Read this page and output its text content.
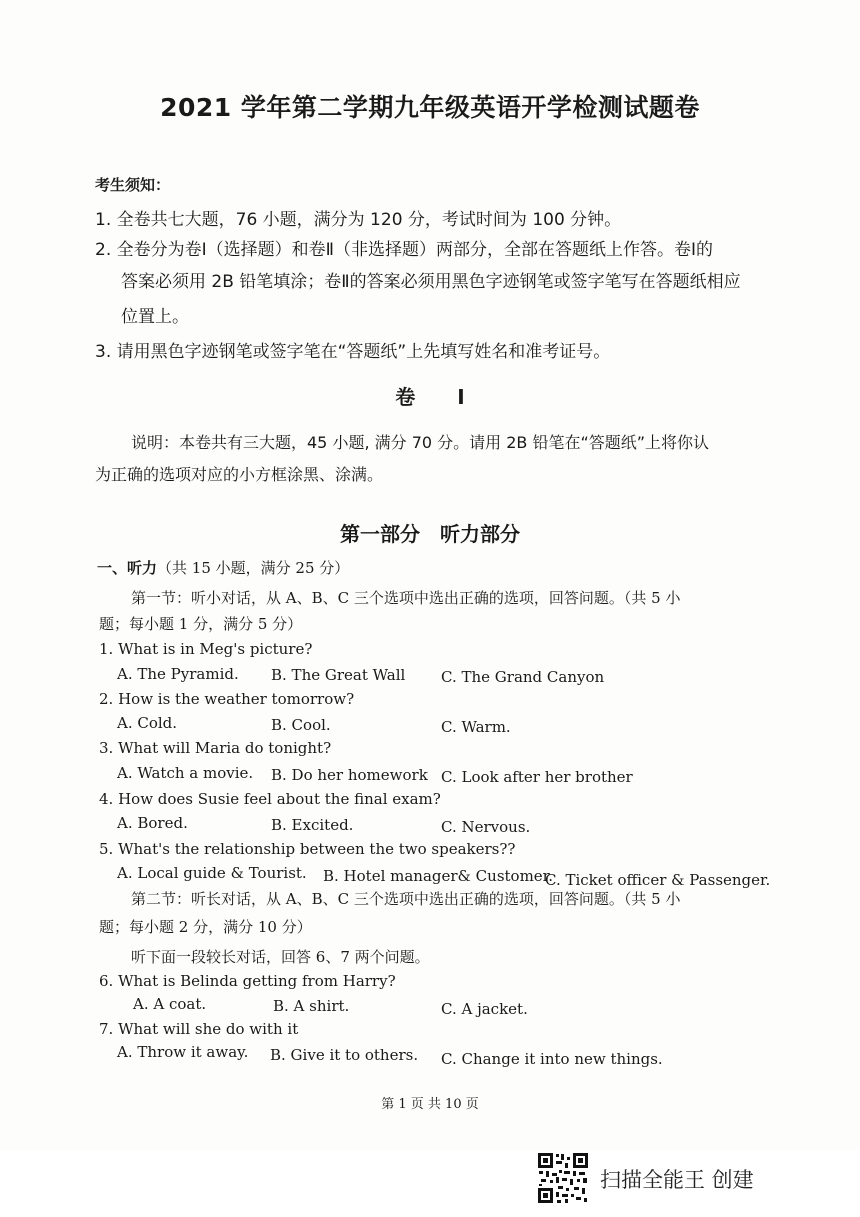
2021 学年第二学期九年级英语开学检测试题卷
考生须知：
1. 全卷共七大题，76 小题，满分为 120 分，考试时间为 100 分钟。
2. 全卷分为卷Ⅰ（选择题）和卷Ⅱ（非选择题）两部分，全部在答题纸上作答。卷Ⅰ的
答案必须用 2B 铅笔填涂；卷Ⅱ的答案必须用黑色字迹钢笔或签字笔写在答题纸相应
位置上。
3. 请用黑色字迹钢笔或签字笔在“答题纸”上先填写姓名和准考证号。
卷 Ⅰ
说明：本卷共有三大题，45 小题, 满分 70 分。请用 2B 铅笔在“答题纸”上将你认
为正确的选项对应的小方框涂黑、涂满。
第一部分 听力部分
一、听力（共 15 小题，满分 25 分）
第一节：听小对话，从 A、B、C 三个选项中选出正确的选项，回答问题。（共 5 小
题；每小题 1 分，满分 5 分）
1. What is in Meg's picture?
A. The Pyramid. B. The Great Wall C. The Grand Canyon
2. How is the weather tomorrow?
A. Cold.	B. Cool.	C. Warm.
3. What will Maria do tonight?
A. Watch a movie. B. Do her homework C. Look after her brother
4. How does Susie feel about the final exam?
A. Bored.	B. Excited.	C. Nervous.
5. What's the relationship between the two speakers??
A. Local guide & Tourist. B. Hotel manager& Customer.
C. Ticket officer & Passenger.
第二节：听长对话，从 A、B、C 三个选项中选出正确的选项，回答问题。（共 5 小
题；每小题 2 分，满分 10 分）
听下面一段较长对话，回答 6、7 两个问题。
6. What is Belinda getting from Harry?
A. A coat.	B. A shirt.	C. A jacket.
7. What will she do with it
A. Throw it away. B. Give it to others. C. Change it into new things.
第 1 页 共 10 页
扫描全能王 创建
